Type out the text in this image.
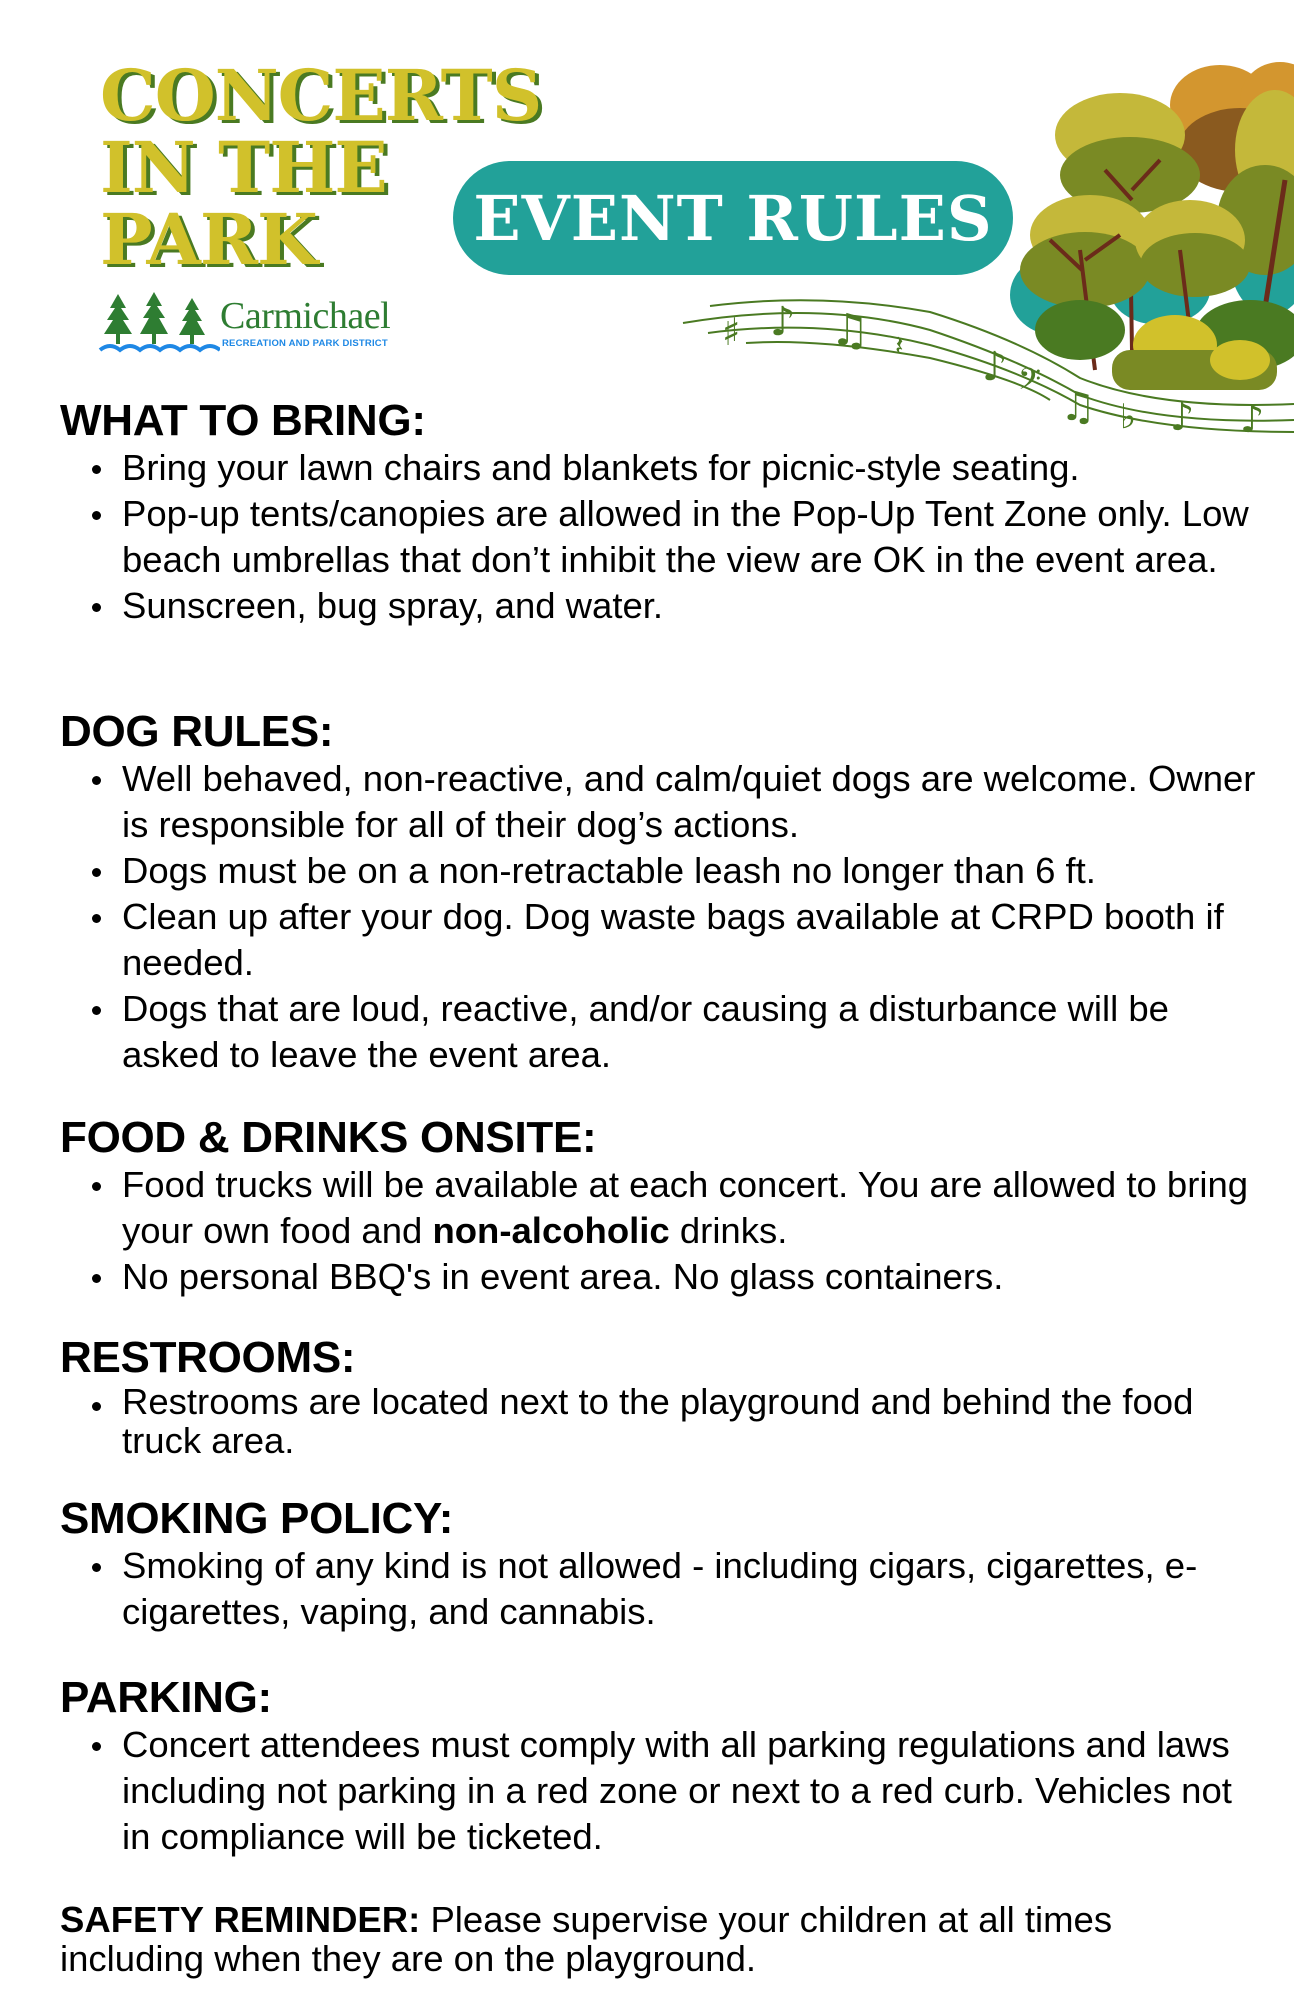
CONCERTS
IN THE
PARK	EVENT RULES
Carmichael
RECREATION AND PARK DISTRICT	♯ ♪ ♫ 𝄽 ♪ 𝄢
♫ ♭ ♪ ♪
WHAT TO BRING:
Bring your lawn chairs and blankets for picnic-style seating.
Pop-up tents/canopies are allowed in the Pop-Up Tent Zone only. Low beach umbrellas that don’t inhibit the view are OK in the event area.
Sunscreen, bug spray, and water.
DOG RULES:
Well behaved, non-reactive, and calm/quiet dogs are welcome. Owner is responsible for all of their dog’s actions.
Dogs must be on a non-retractable leash no longer than 6 ft.
Clean up after your dog. Dog waste bags available at CRPD booth if needed.
Dogs that are loud, reactive, and/or causing a disturbance will be asked to leave the event area.
FOOD & DRINKS ONSITE:
Food trucks will be available at each concert. You are allowed to bring your own food and non-alcoholic drinks.
No personal BBQ's in event area. No glass containers.
RESTROOMS:
Restrooms are located next to the playground and behind the food truck area.
SMOKING POLICY:
Smoking of any kind is not allowed - including cigars, cigarettes, e-cigarettes, vaping, and cannabis.
PARKING:
Concert attendees must comply with all parking regulations and laws including not parking in a red zone or next to a red curb. Vehicles not in compliance will be ticketed.
SAFETY REMINDER: Please supervise your children at all times including when they are on the playground.
